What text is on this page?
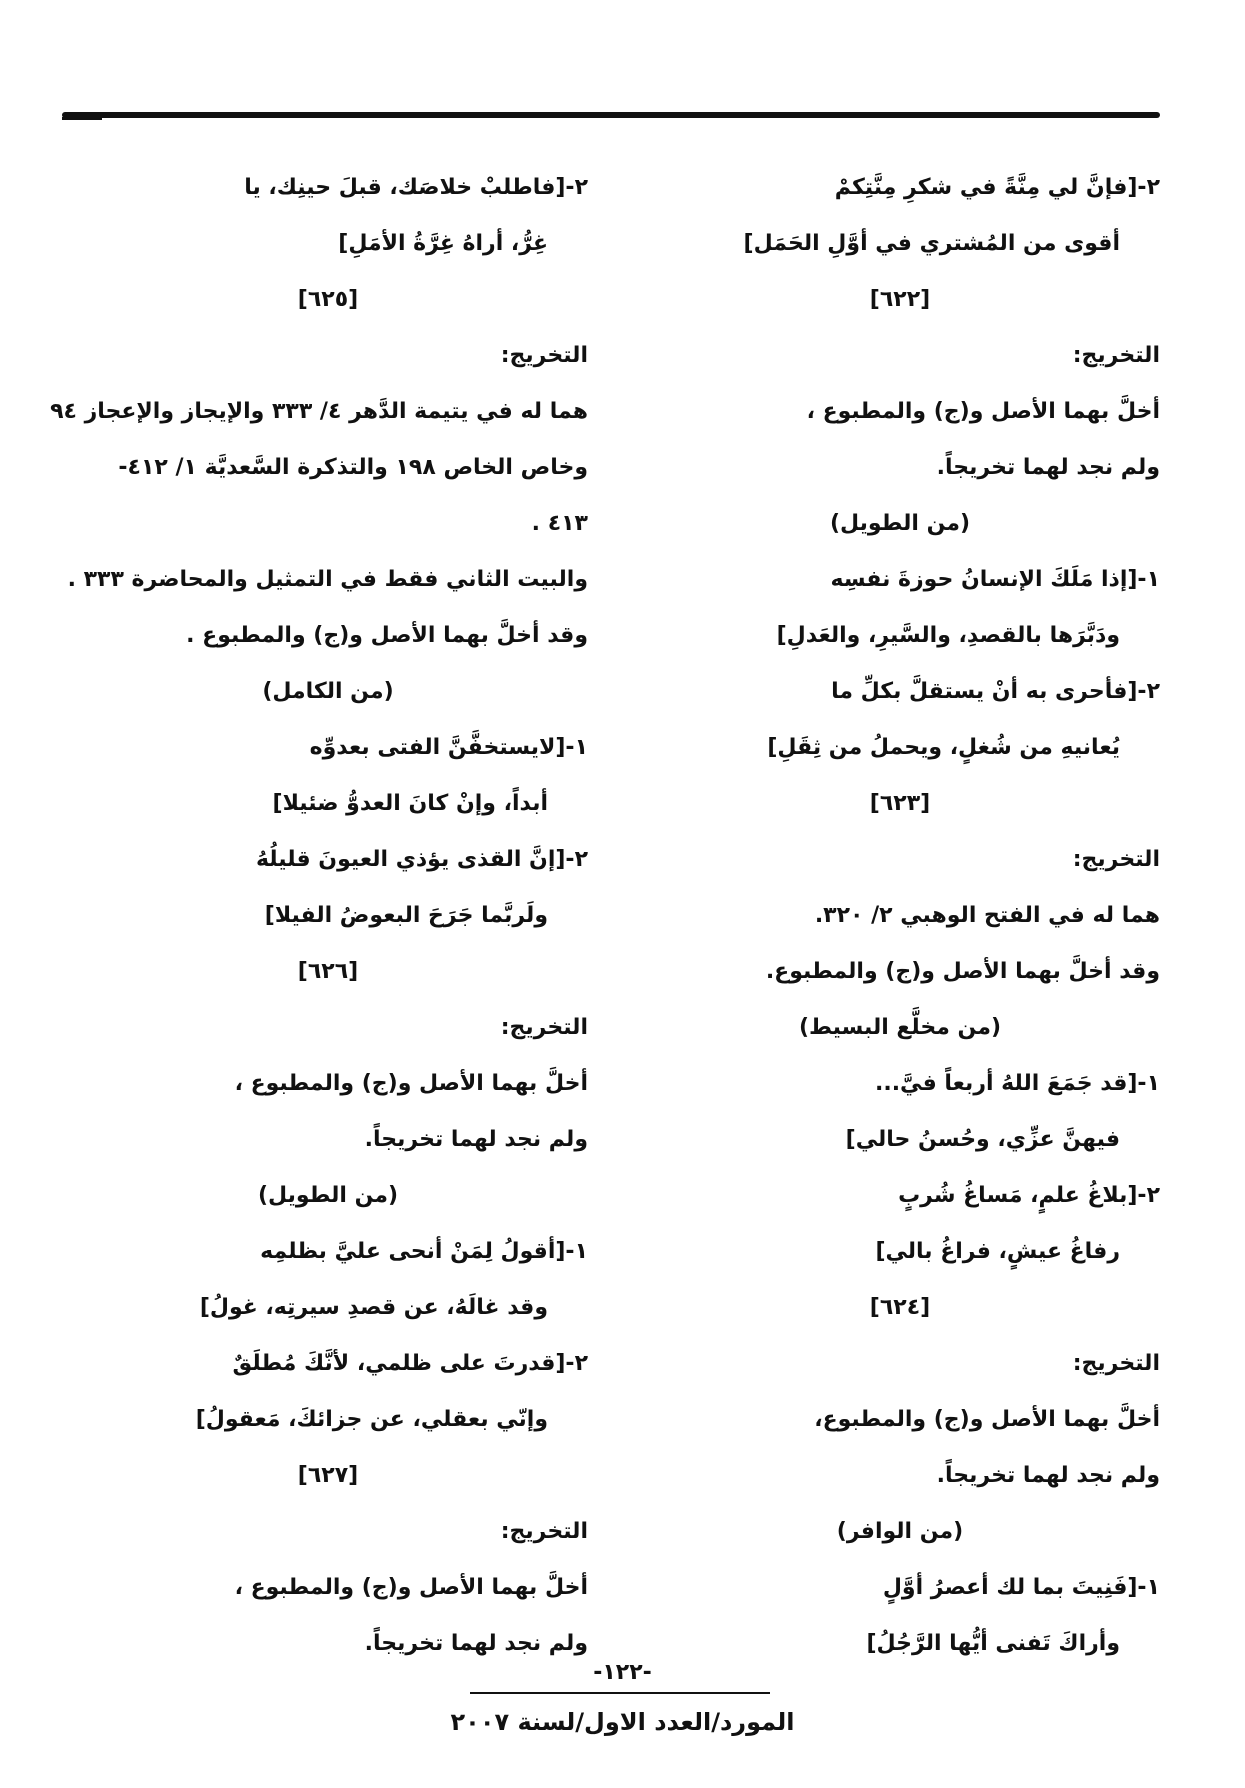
٢-[فإنَّ لي مِنَّةً في شكرِ مِنَّتِكمْ
أقوى من المُشتري في أوَّلِ الحَمَل]
[٦٢٢]
التخريج:
أخلَّ بهما الأصل و(ج) والمطبوع ،
ولم نجد لهما تخريجاً.
(من الطويل)
١-[إذا مَلَكَ الإنسانُ حوزةَ نفسِه
ودَبَّرَها بالقصدِ، والسَّيرِ، والعَدلِ]
٢-[فأحرى به أنْ يستقلَّ بكلِّ ما
يُعانيهِ من شُغلٍ، ويحملُ من ثِقَلِ]
[٦٢٣]
التخريج:
هما له في الفتح الوهبي ٢/ ٣٢٠.
وقد أخلَّ بهما الأصل و(ج) والمطبوع.
(من مخلَّع البسيط)
١-[قد جَمَعَ اللهُ أربعاً فيَّ...
فيهنَّ عزِّي، وحُسنُ حالي]
٢-[بلاغُ علمٍ، مَساغُ شُربٍ
رفاغُ عيشٍ، فراغُ بالي]
[٦٢٤]
التخريج:
أخلَّ بهما الأصل و(ج) والمطبوع،
ولم نجد لهما تخريجاً.
(من الوافر)
١-[فَنِيتَ بما لك أعصرُ أوَّلٍ
وأراكَ تَفنى أيُّها الرَّجُلُ]
٢-[فاطلبْ خلاصَك، قبلَ حينِك، يا
غِرُّ، أراهُ غِرَّةُ الأمَلِ]
[٦٢٥]
التخريج:
هما له في يتيمة الدَّهر ٤/ ٣٣٣ والإيجاز والإعجاز ٩٤
وخاص الخاص ١٩٨ والتذكرة السَّعديَّة ١/ ٤١٢-
٤١٣ .
والبيت الثاني فقط في التمثيل والمحاضرة ٣٣٣ .
وقد أخلَّ بهما الأصل و(ج) والمطبوع .
(من الكامل)
١-[لايستخفَّنَّ الفتى بعدوِّه
أبداً، وإنْ كانَ العدوُّ ضئيلا]
٢-[إنَّ القذى يؤذي العيونَ قليلُهُ
ولَربَّما جَرَحَ البعوضُ الفيلا]
[٦٢٦]
التخريج:
أخلَّ بهما الأصل و(ج) والمطبوع ،
ولم نجد لهما تخريجاً.
(من الطويل)
١-[أقولُ لِمَنْ أنحى عليَّ بظلمِه
وقد غالَهُ، عن قصدِ سيرتِه، غولُ]
٢-[قدرتَ على ظلمي، لأنَّكَ مُطلَقٌ
وإنّي بعقلي، عن جزائكَ، مَعقولُ]
[٦٢٧]
التخريج:
أخلَّ بهما الأصل و(ج) والمطبوع ،
ولم نجد لهما تخريجاً.
-١٢٢-
المورد/العدد الاول/لسنة ٢٠٠٧
